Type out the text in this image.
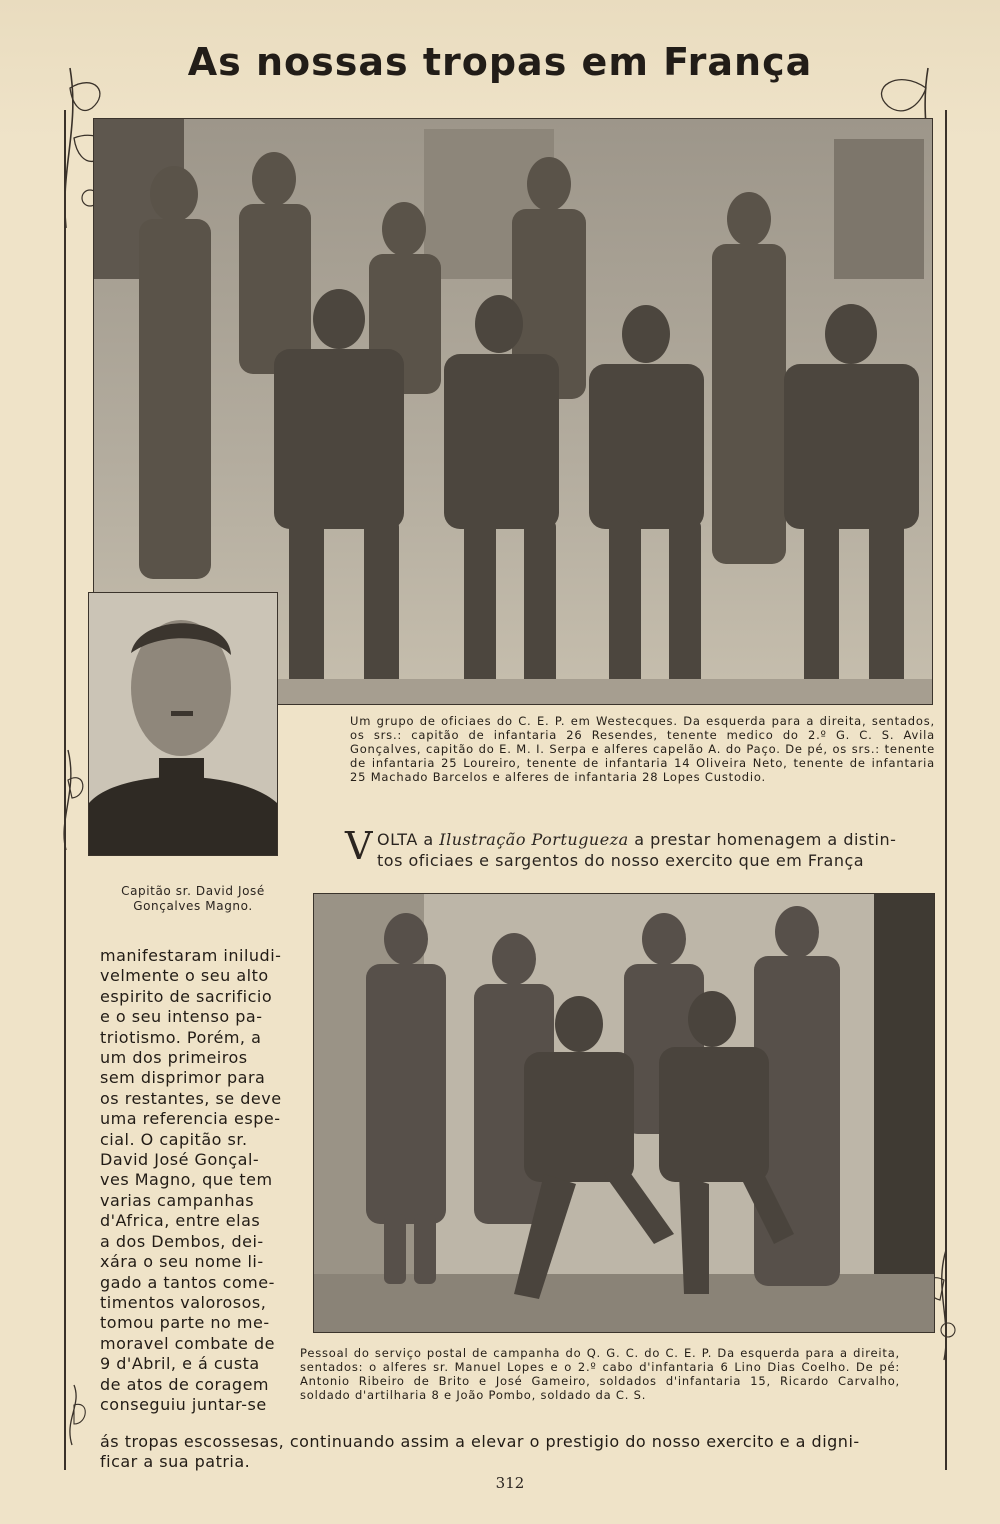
As nossas tropas em França
Um grupo de oficiaes do C. E. P. em Westecques. Da esquerda para a direita, sentados, os srs.: capitão de infantaria 26 Resendes, tenente medico do 2.º G. C. S. Avila Gonçalves, capitão do E. M. I. Serpa e alferes capelão A. do Paço. De pé, os srs.: tenente de infantaria 25 Loureiro, tenente de infantaria 14 Oliveira Neto, tenente de infantaria 25 Machado Barcelos e alferes de infantaria 28 Lopes Custodio.
Capitão sr. David José
Gonçalves Magno.
V OLTA a Ilustração Portugueza a prestar homenagem a distin-
tos oficiaes e sargentos do nosso exercito que em França
Pessoal do serviço postal de campanha do Q. G. C. do C. E. P. Da esquerda para a direita, sentados: o alferes sr. Manuel Lopes e o 2.º cabo d'infantaria 6 Lino Dias Coelho. De pé: Antonio Ribeiro de Brito e José Gameiro, soldados d'infantaria 15, Ricardo Carvalho, soldado d'artilharia 8 e João Pombo, soldado da C. S.
manifestaram iniludi-
velmente o seu alto
espirito de sacrificio
e o seu intenso pa-
triotismo. Porém, a
um dos primeiros
sem disprimor para
os restantes, se deve
uma referencia espe-
cial. O capitão sr.
David José Gonçal-
ves Magno, que tem
varias campanhas
d'Africa, entre elas
a dos Dembos, dei-
xára o seu nome li-
gado a tantos come-
timentos valorosos,
tomou parte no me-
moravel combate de
9 d'Abril, e á custa
de atos de coragem
conseguiu juntar-se
ás tropas escossesas, continuando assim a elevar o prestigio do nosso exercito e a digni-
ficar a sua patria.
312
